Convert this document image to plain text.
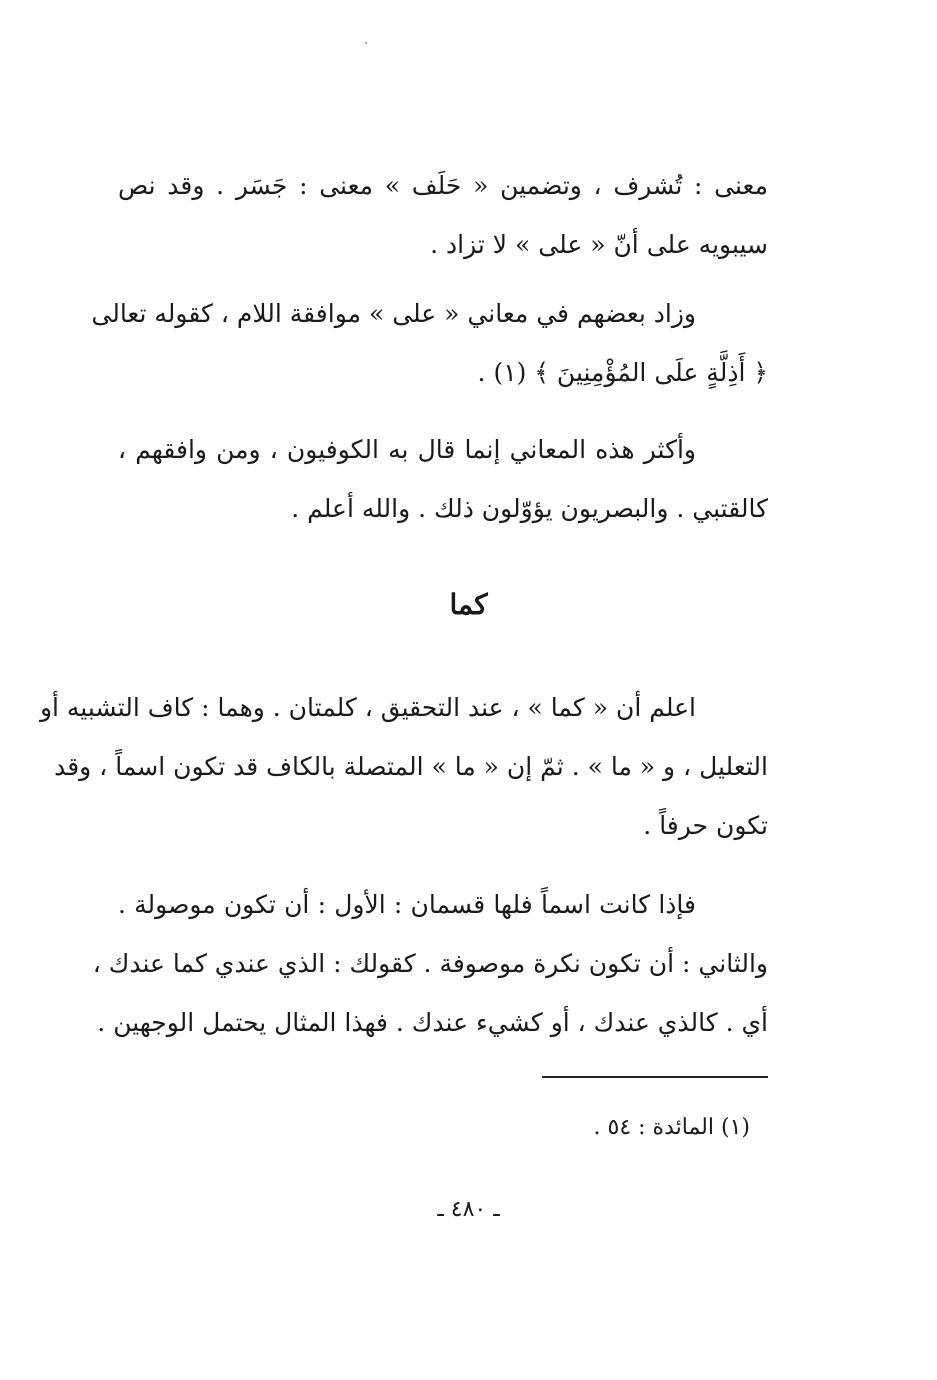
معنى : تُشرف ، وتضمين « حَلَف » معنى : جَسَر . وقد نص
سيبويه على أنّ « على » لا تزاد .
وزاد بعضهم في معاني « على » موافقة اللام ، كقوله تعالى
﴿ أَذِلَّةٍ علَى المُؤْمِنِينَ ﴾ (١) .
وأكثر هذه المعاني إنما قال به الكوفيون ، ومن وافقهم ،
كالقتبي . والبصريون يؤوّلون ذلك . والله أعلم .
كما
اعلم أن « كما » ، عند التحقيق ، كلمتان . وهما : كاف التشبيه أو
التعليل ، و « ما » . ثمّ إن « ما » المتصلة بالكاف قد تكون اسماً ، وقد
تكون حرفاً .
فإذا كانت اسماً فلها قسمان : الأول : أن تكون موصولة .
والثاني : أن تكون نكرة موصوفة . كقولك : الذي عندي كما عندك ،
أي . كالذي عندك ، أو كشيء عندك . فهذا المثال يحتمل الوجهين .
(١) المائدة : ٥٤ .
ـ ٤٨٠ ـ
